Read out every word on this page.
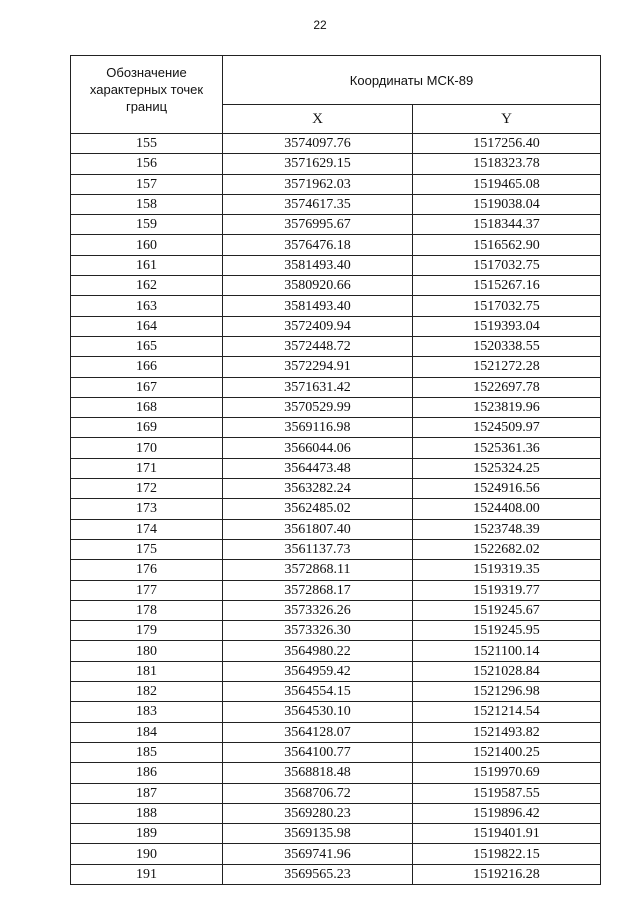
22
Обозначение характерных точек границ	Координаты МСК-89	
	X	Y
155	3574097.76	1517256.40
156	3571629.15	1518323.78
157	3571962.03	1519465.08
158	3574617.35	1519038.04
159	3576995.67	1518344.37
160	3576476.18	1516562.90
161	3581493.40	1517032.75
162	3580920.66	1515267.16
163	3581493.40	1517032.75
164	3572409.94	1519393.04
165	3572448.72	1520338.55
166	3572294.91	1521272.28
167	3571631.42	1522697.78
168	3570529.99	1523819.96
169	3569116.98	1524509.97
170	3566044.06	1525361.36
171	3564473.48	1525324.25
172	3563282.24	1524916.56
173	3562485.02	1524408.00
174	3561807.40	1523748.39
175	3561137.73	1522682.02
176	3572868.11	1519319.35
177	3572868.17	1519319.77
178	3573326.26	1519245.67
179	3573326.30	1519245.95
180	3564980.22	1521100.14
181	3564959.42	1521028.84
182	3564554.15	1521296.98
183	3564530.10	1521214.54
184	3564128.07	1521493.82
185	3564100.77	1521400.25
186	3568818.48	1519970.69
187	3568706.72	1519587.55
188	3569280.23	1519896.42
189	3569135.98	1519401.91
190	3569741.96	1519822.15
191	3569565.23	1519216.28
